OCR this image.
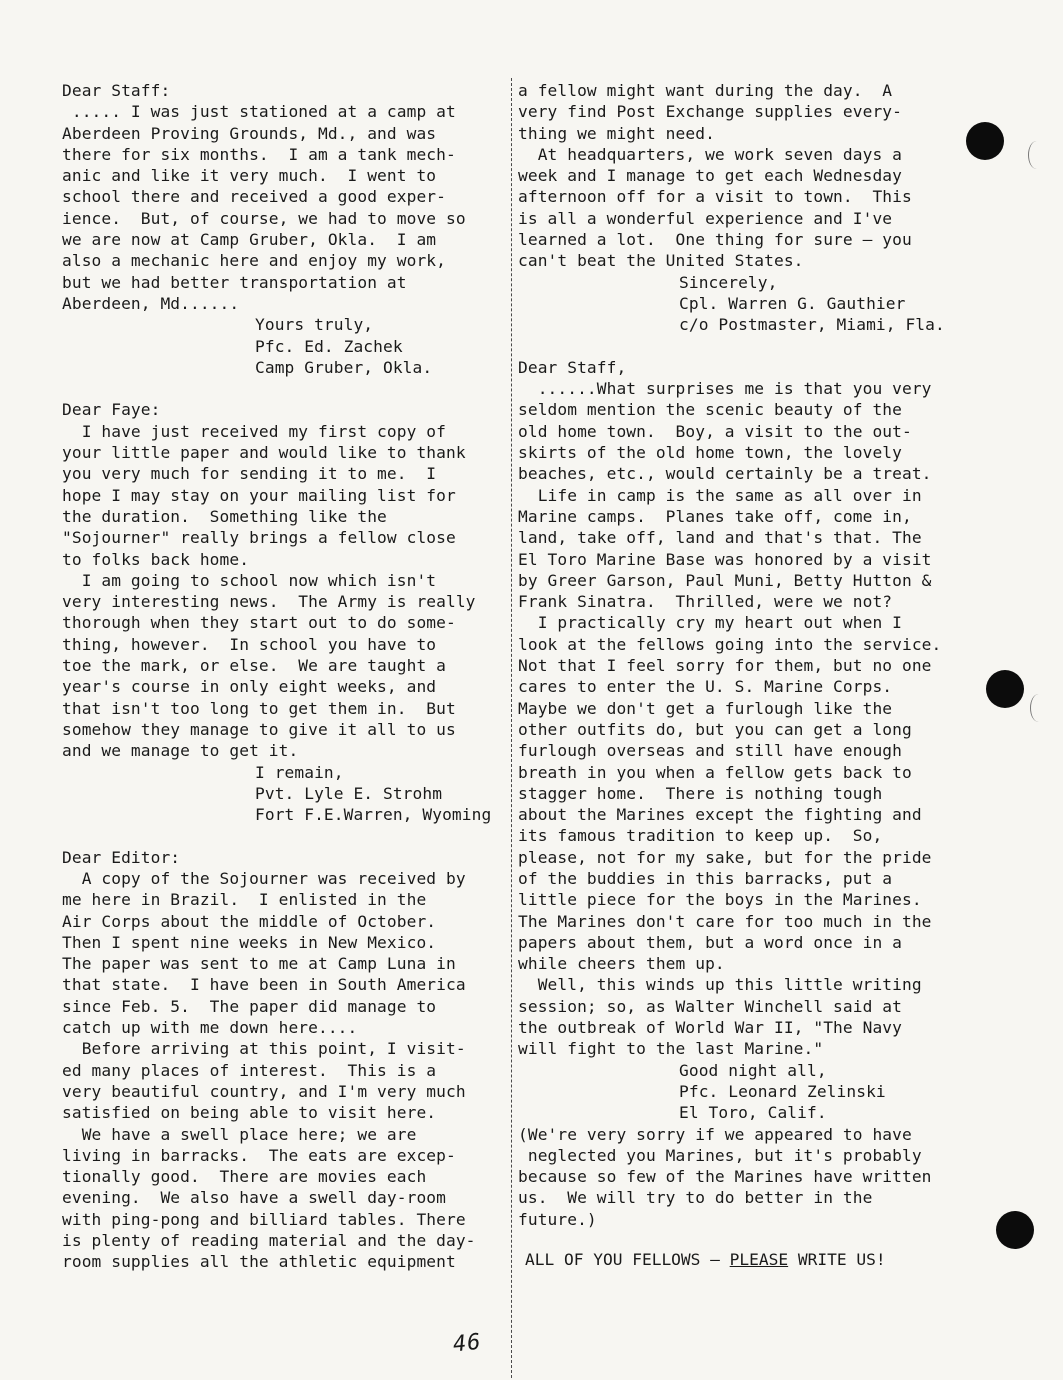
Dear Staff:
..... I was just stationed at a camp at
Aberdeen Proving Grounds, Md., and was
there for six months.  I am a tank mech-
anic and like it very much.  I went to
school there and received a good exper-
ience.  But, of course, we had to move so
we are now at Camp Gruber, Okla.  I am
also a mechanic here and enjoy my work,
but we had better transportation at
Aberdeen, Md......
Yours truly,
Pfc. Ed. Zachek
Camp Gruber, Okla.
Dear Faye:
I have just received my first copy of
your little paper and would like to thank
you very much for sending it to me.  I
hope I may stay on your mailing list for
the duration.  Something like the
"Sojourner" really brings a fellow close
to folks back home.
I am going to school now which isn't
very interesting news.  The Army is really
thorough when they start out to do some-
thing, however.  In school you have to
toe the mark, or else.  We are taught a
year's course in only eight weeks, and
that isn't too long to get them in.  But
somehow they manage to give it all to us
and we manage to get it.
I remain,
Pvt. Lyle E. Strohm
Fort F.E.Warren, Wyoming
Dear Editor:
A copy of the Sojourner was received by
me here in Brazil.  I enlisted in the
Air Corps about the middle of October.
Then I spent nine weeks in New Mexico.
The paper was sent to me at Camp Luna in
that state.  I have been in South America
since Feb. 5.  The paper did manage to
catch up with me down here....
Before arriving at this point, I visit-
ed many places of interest.  This is a
very beautiful country, and I'm very much
satisfied on being able to visit here.
We have a swell place here; we are
living in barracks.  The eats are excep-
tionally good.  There are movies each
evening.  We also have a swell day-room
with ping-pong and billiard tables. There
is plenty of reading material and the day-
room supplies all the athletic equipment
a fellow might want during the day.  A
very find Post Exchange supplies every-
thing we might need.
At headquarters, we work seven days a
week and I manage to get each Wednesday
afternoon off for a visit to town.  This
is all a wonderful experience and I've
learned a lot.  One thing for sure — you
can't beat the United States.
Sincerely,
Cpl. Warren G. Gauthier
c/o Postmaster, Miami, Fla.
Dear Staff,
......What surprises me is that you very
seldom mention the scenic beauty of the
old home town.  Boy, a visit to the out-
skirts of the old home town, the lovely
beaches, etc., would certainly be a treat.
Life in camp is the same as all over in
Marine camps.  Planes take off, come in,
land, take off, land and that's that. The
El Toro Marine Base was honored by a visit
by Greer Garson, Paul Muni, Betty Hutton &
Frank Sinatra.  Thrilled, were we not?
I practically cry my heart out when I
look at the fellows going into the service.
Not that I feel sorry for them, but no one
cares to enter the U. S. Marine Corps.
Maybe we don't get a furlough like the
other outfits do, but you can get a long
furlough overseas and still have enough
breath in you when a fellow gets back to
stagger home.  There is nothing tough
about the Marines except the fighting and
its famous tradition to keep up.  So,
please, not for my sake, but for the pride
of the buddies in this barracks, put a
little piece for the boys in the Marines.
The Marines don't care for too much in the
papers about them, but a word once in a
while cheers them up.
Well, this winds up this little writing
session; so, as Walter Winchell said at
the outbreak of World War II, "The Navy
will fight to the last Marine."
Good night all,
Pfc. Leonard Zelinski
El Toro, Calif.
(We're very sorry if we appeared to have
neglected you Marines, but it's probably
because so few of the Marines have written
us.  We will try to do better in the
future.)
ALL OF YOU FELLOWS — PLEASE WRITE US!
46
